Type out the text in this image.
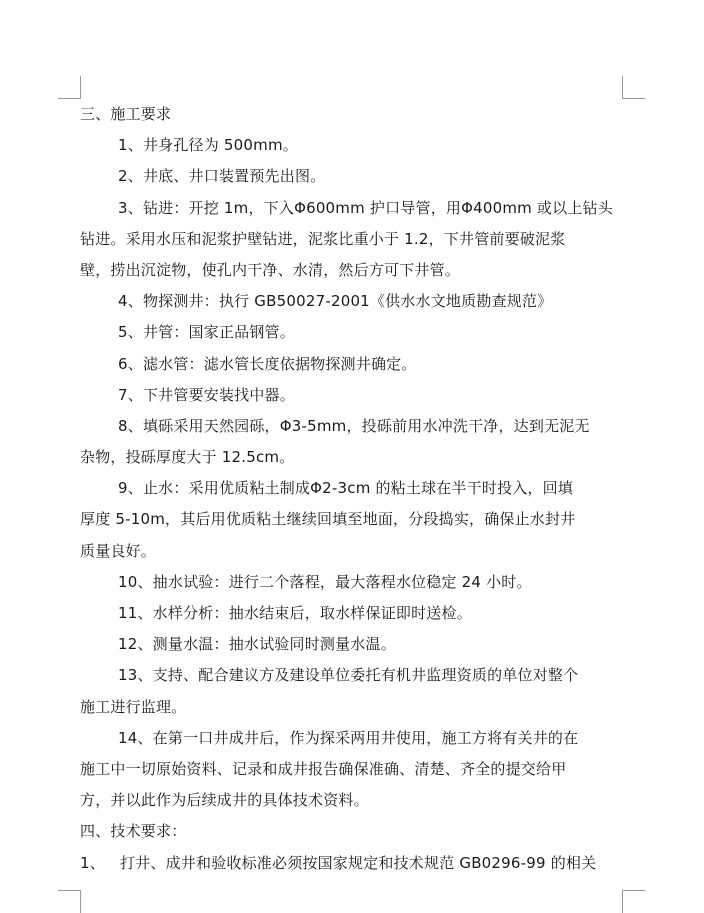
三、施工要求
1、井身孔径为 500mm。
2、井底、井口装置预先出图。
3、钻进：开挖 1m，下入Φ600mm 护口导管，用Φ400mm 或以上钻头
钻进。采用水压和泥浆护壁钻进，泥浆比重小于 1.2，下井管前要破泥浆
壁，捞出沉淀物，使孔内干净、水清，然后方可下井管。
4、物探测井：执行 GB50027-2001《供水水文地质勘查规范》
5、井管：国家正品钢管。
6、滤水管：滤水管长度依据物探测井确定。
7、下井管要安装找中器。
8、填砾采用天然园砾，Φ3-5mm，投砾前用水冲洗干净，达到无泥无
杂物，投砾厚度大于 12.5cm。
9、止水：采用优质粘土制成Φ2-3cm 的粘土球在半干时投入，回填
厚度 5-10m，其后用优质粘土继续回填至地面，分段捣实，确保止水封井
质量良好。
10、抽水试验：进行二个落程，最大落程水位稳定 24 小时。
11、水样分析：抽水结束后，取水样保证即时送检。
12、测量水温：抽水试验同时测量水温。
13、支持、配合建议方及建设单位委托有机井监理资质的单位对整个
施工进行监理。
14、在第一口井成井后，作为探采两用井使用，施工方将有关井的在
施工中一切原始资料、记录和成井报告确保准确、清楚、齐全的提交给甲
方，并以此作为后续成井的具体技术资料。
四、技术要求：
1、 打井、成井和验收标准必须按国家规定和技术规范 GB0296-99 的相关
